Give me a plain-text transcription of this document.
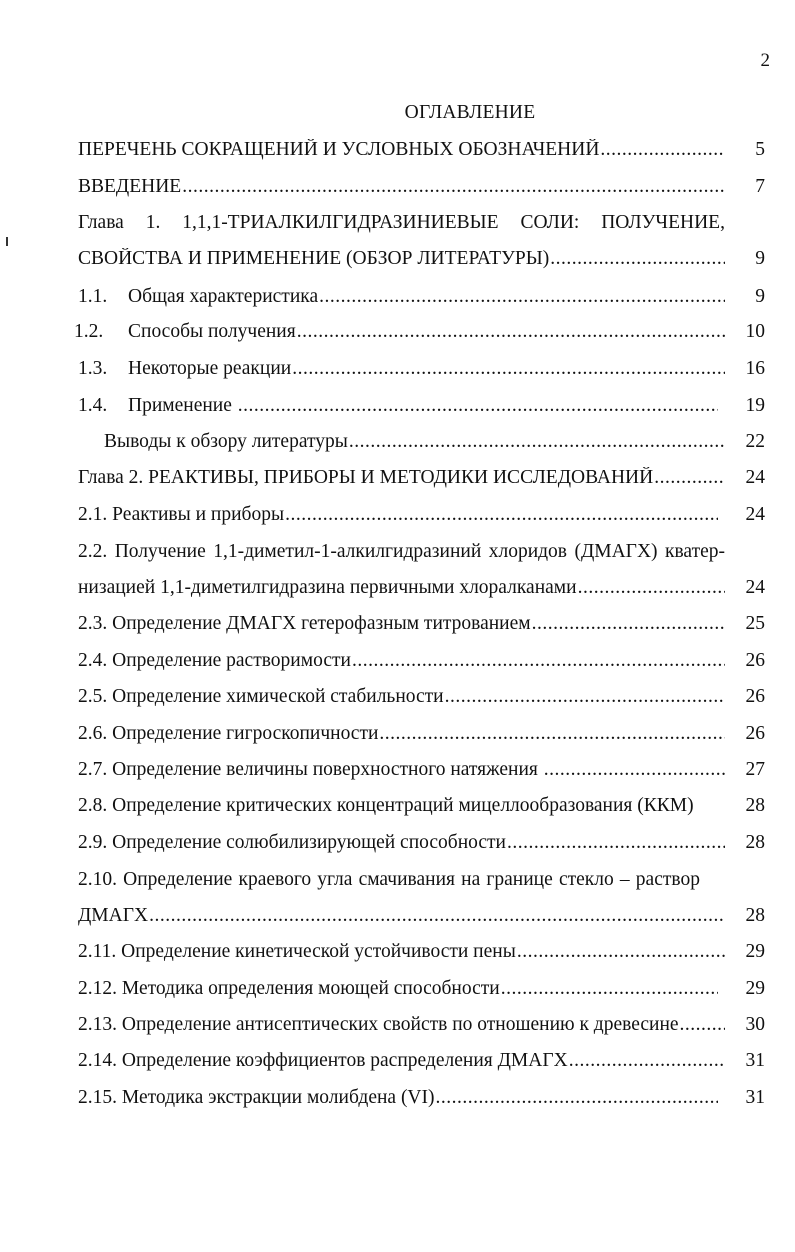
2
ОГЛАВЛЕНИЕ
ПЕРЕЧЕНЬ СОКРАЩЕНИЙ И УСЛОВНЫХ ОБОЗНАЧЕНИЙ .....	5
ВВЕДЕНИЕ .....	7
Глава 1. 1,1,1-ТРИАЛКИЛГИДРАЗИНИЕВЫЕ СОЛИ: ПОЛУЧЕНИЕ,
СВОЙСТВА И ПРИМЕНЕНИЕ (ОБЗОР ЛИТЕРАТУРЫ) .....	9
1.1.	Общая характеристика .....	9
1.2.	Способы получения .....	10
1.3.	Некоторые реакции .....	16
1.4.	Применение .....	19
Выводы к обзору литературы .....	22
Глава 2. РЕАКТИВЫ, ПРИБОРЫ И МЕТОДИКИ ИССЛЕДОВАНИЙ .....	24
2.1. Реактивы и приборы .....	24
2.2. Получение 1,1-диметил-1-алкилгидразиний хлоридов (ДМАГХ) кватер-
низацией 1,1-диметилгидразина первичными хлоралканами .....	24
2.3. Определение ДМАГХ гетерофазным титрованием .....	25
2.4. Определение растворимости .....	26
2.5. Определение химической стабильности .....	26
2.6. Определение гигроскопичности .....	26
2.7. Определение величины поверхностного натяжения .....	27
2.8. Определение критических концентраций мицеллообразования (ККМ)	28
2.9. Определение солюбилизирующей способности .....	28
2.10. Определение краевого угла смачивания на границе стекло – раствор
ДМАГХ .....	28
2.11. Определение кинетической устойчивости пены .....	29
2.12. Методика определения моющей способности .....	29
2.13. Определение антисептических свойств по отношению к древесине .....	30
2.14. Определение коэффициентов распределения ДМАГХ .....	31
2.15. Методика экстракции молибдена (VI) .....	31
